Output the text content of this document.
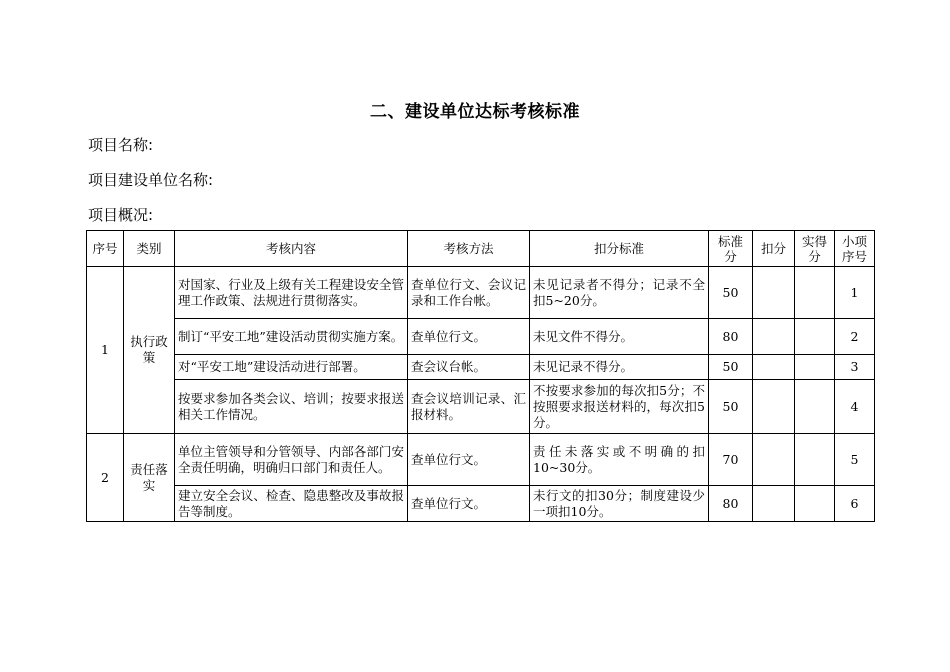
二、建设单位达标考核标准
项目名称:
项目建设单位名称:
项目概况:
序号	类别	考核内容	考核方法	扣分标准	标准分	扣分	实得分	小项序号
1	执行政策	对国家、行业及上级有关工程建设安全管理工作政策、法规进行贯彻落实。	查单位行文、会议记录和工作台帐。	未见记录者不得分；记录不全扣5~20分。	50			1
		制订“平安工地”建设活动贯彻实施方案。	查单位行文。	未见文件不得分。	80			2
		对“平安工地”建设活动进行部署。	查会议台帐。	未见记录不得分。	50			3
		按要求参加各类会议、培训；按要求报送相关工作情况。	查会议培训记录、汇报材料。	不按要求参加的每次扣5分；不按照要求报送材料的，每次扣5分。	50			4
2	责任落实	单位主管领导和分管领导、内部各部门安全责任明确，明确归口部门和责任人。	查单位行文。	责任未落实或不明确的扣10~30分。	70			5
		建立安全会议、检查、隐患整改及事故报告等制度。	查单位行文。	未行文的扣30分；制度建设少一项扣10分。	80			6
